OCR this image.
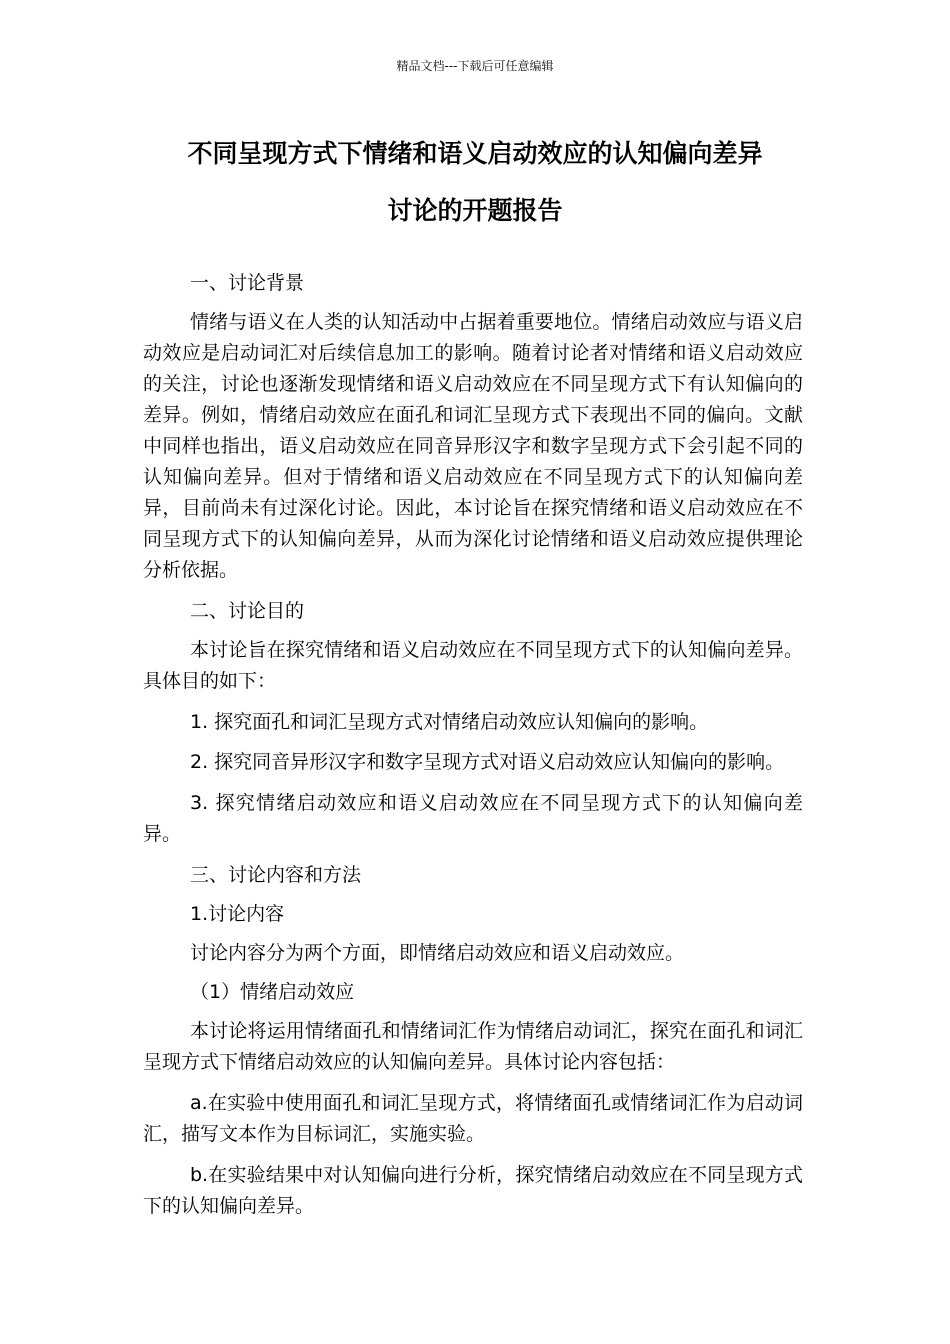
精品文档---下载后可任意编辑
不同呈现方式下情绪和语义启动效应的认知偏向差异
讨论的开题报告

一、讨论背景

情绪与语义在人类的认知活动中占据着重要地位。情绪启动效应与语义启动效应是启动词汇对后续信息加工的影响。随着讨论者对情绪和语义启动效应的关注，讨论也逐渐发现情绪和语义启动效应在不同呈现方式下有认知偏向的差异。例如，情绪启动效应在面孔和词汇呈现方式下表现出不同的偏向。文献中同样也指出，语义启动效应在同音异形汉字和数字呈现方式下会引起不同的认知偏向差异。但对于情绪和语义启动效应在不同呈现方式下的认知偏向差异，目前尚未有过深化讨论。因此，本讨论旨在探究情绪和语义启动效应在不同呈现方式下的认知偏向差异，从而为深化讨论情绪和语义启动效应提供理论分析依据。

二、讨论目的

本讨论旨在探究情绪和语义启动效应在不同呈现方式下的认知偏向差异。具体目的如下：

1. 探究面孔和词汇呈现方式对情绪启动效应认知偏向的影响。

2. 探究同音异形汉字和数字呈现方式对语义启动效应认知偏向的影响。

3. 探究情绪启动效应和语义启动效应在不同呈现方式下的认知偏向差异。

三、讨论内容和方法

1.讨论内容

讨论内容分为两个方面，即情绪启动效应和语义启动效应。

（1）情绪启动效应

本讨论将运用情绪面孔和情绪词汇作为情绪启动词汇，探究在面孔和词汇呈现方式下情绪启动效应的认知偏向差异。具体讨论内容包括：

a.在实验中使用面孔和词汇呈现方式，将情绪面孔或情绪词汇作为启动词汇，描写文本作为目标词汇，实施实验。

b.在实验结果中对认知偏向进行分析，探究情绪启动效应在不同呈现方式下的认知偏向差异。
